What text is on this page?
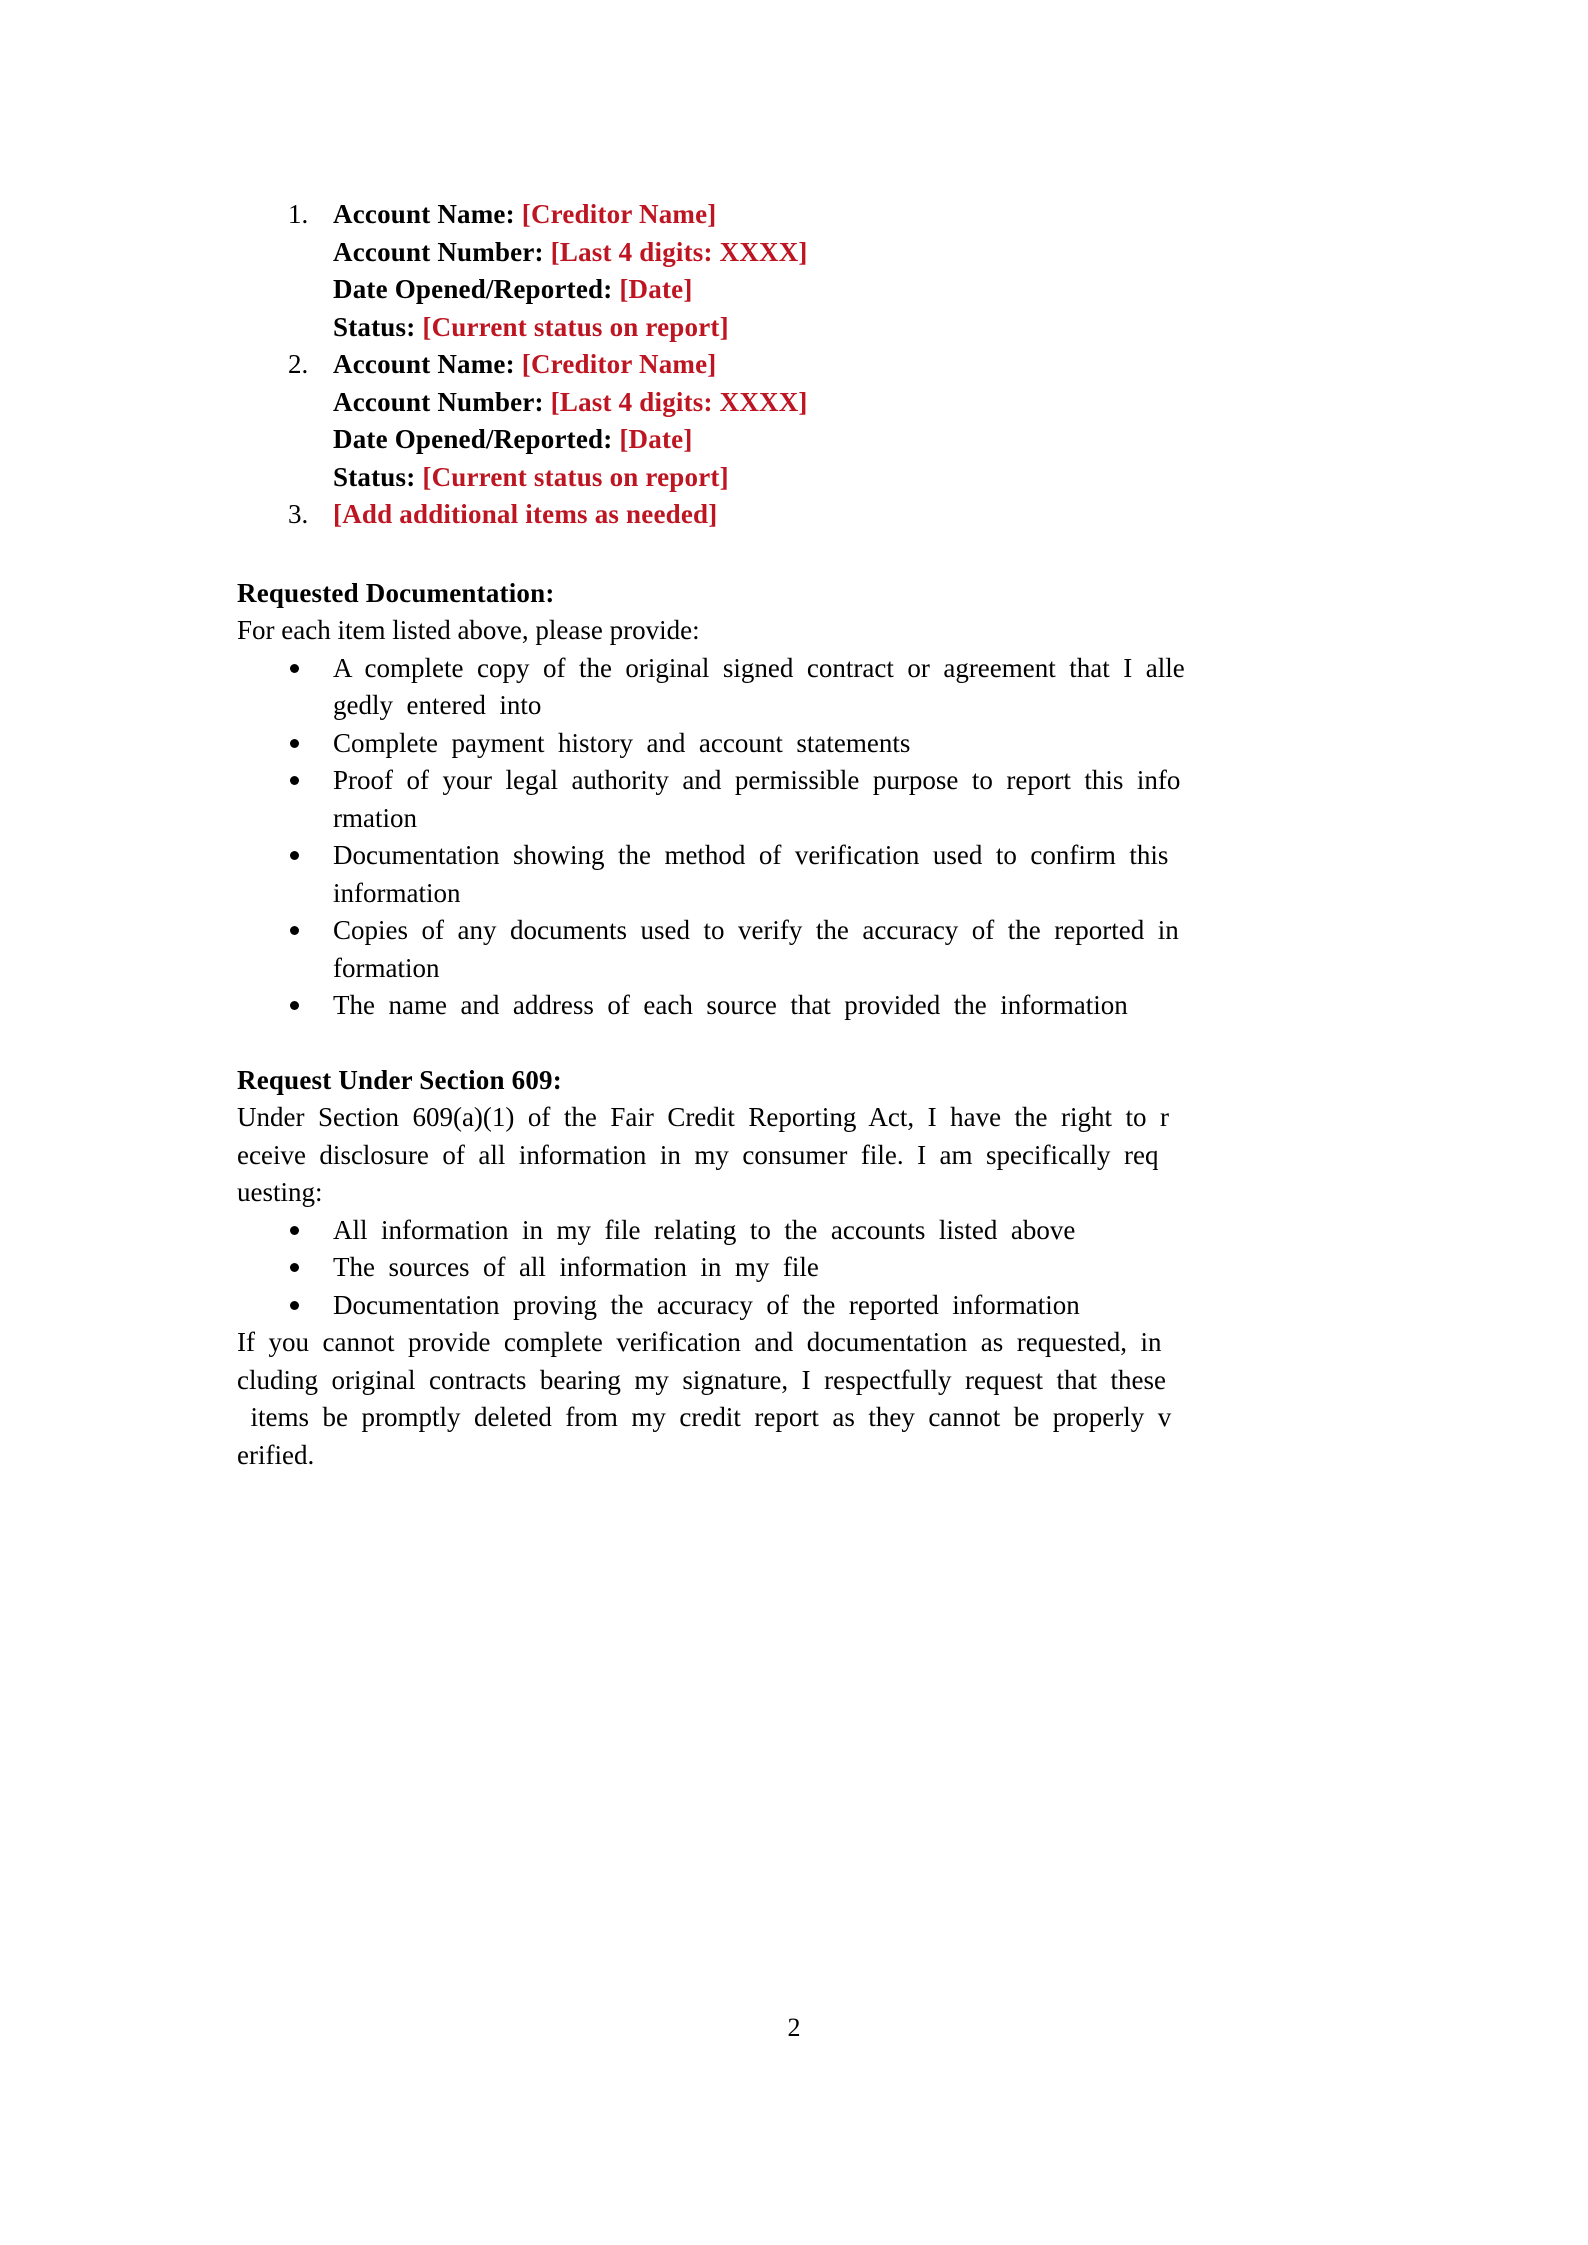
1. Account Name: [Creditor Name]
Account Number: [Last 4 digits: XXXX]
Date Opened/Reported: [Date]
Status: [Current status on report]
2. Account Name: [Creditor Name]
Account Number: [Last 4 digits: XXXX]
Date Opened/Reported: [Date]
Status: [Current status on report]
3. [Add additional items as needed]
Requested Documentation:
For each item listed above, please provide:
A  complete  copy  of  the  original  signed  contract  or  agreement  that  I  alle
gedly  entered  into
Complete  payment  history  and  account  statements
Proof  of  your  legal  authority  and  permissible  purpose  to  report  this  info
rmation
Documentation  showing  the  method  of  verification  used  to  confirm  this
information
Copies  of  any  documents  used  to  verify  the  accuracy  of  the  reported  in
formation
The  name  and  address  of  each  source  that  provided  the  information
Request Under Section 609:
Under  Section  609(a)(1)  of  the  Fair  Credit  Reporting  Act,  I  have  the  right  to  r
eceive  disclosure  of  all  information  in  my  consumer  file.  I  am  specifically  req
uesting:
All  information  in  my  file  relating  to  the  accounts  listed  above
The  sources  of  all  information  in  my  file
Documentation  proving  the  accuracy  of  the  reported  information
If  you  cannot  provide  complete  verification  and  documentation  as  requested,  in
cluding  original  contracts  bearing  my  signature,  I  respectfully  request  that  these
items  be  promptly  deleted  from  my  credit  report  as  they  cannot  be  properly  v
erified.
2
